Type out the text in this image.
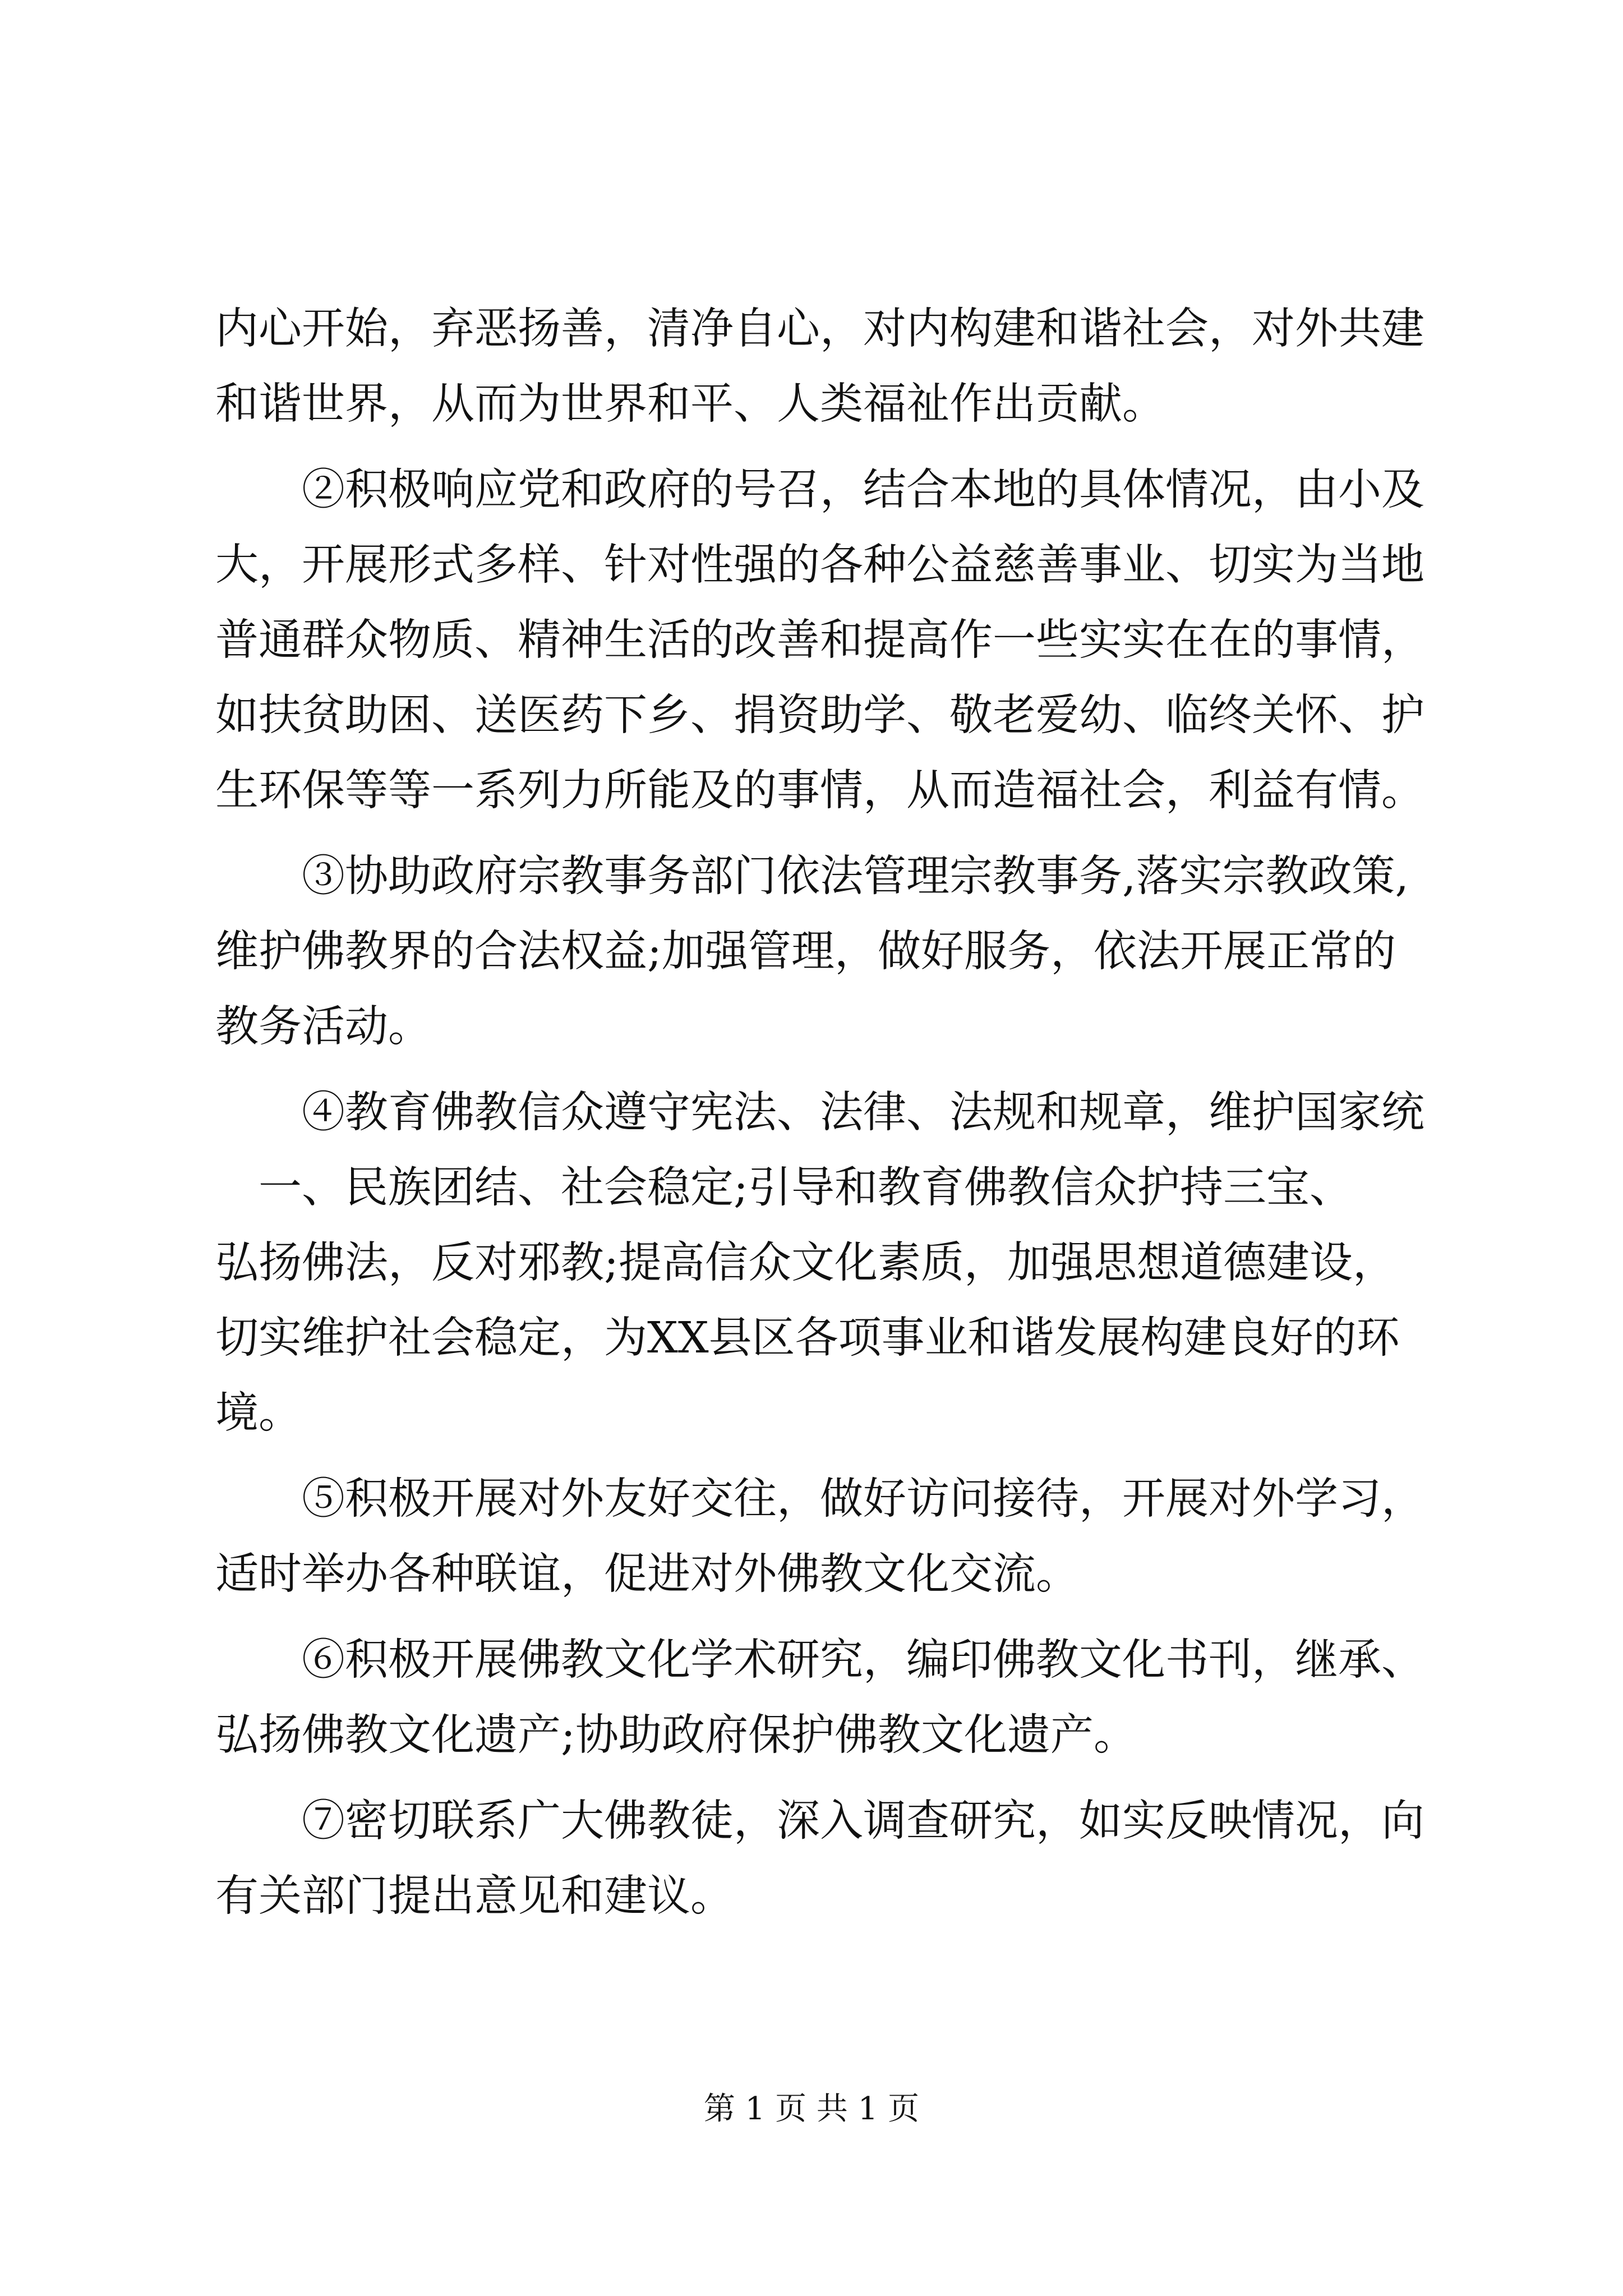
内心开始，弃恶扬善，清净自心，对内构建和谐社会，对外共建
和谐世界，从而为世界和平、人类福祉作出贡献。
　　②积极响应党和政府的号召，结合本地的具体情况，由小及
大，开展形式多样、针对性强的各种公益慈善事业、切实为当地
普通群众物质、精神生活的改善和提高作一些实实在在的事情，
如扶贫助困、送医药下乡、捐资助学、敬老爱幼、临终关怀、护
生环保等等一系列力所能及的事情，从而造福社会，利益有情。
　　③协助政府宗教事务部门依法管理宗教事务,落实宗教政策,
维护佛教界的合法权益;加强管理，做好服务，依法开展正常的
教务活动。
　　④教育佛教信众遵守宪法、法律、法规和规章，维护国家统
　一、民族团结、社会稳定;引导和教育佛教信众护持三宝、
弘扬佛法，反对邪教;提高信众文化素质，加强思想道德建设，
切实维护社会稳定，为XX县区各项事业和谐发展构建良好的环
境。
　　⑤积极开展对外友好交往，做好访问接待，开展对外学习，
适时举办各种联谊，促进对外佛教文化交流。
　　⑥积极开展佛教文化学术研究，编印佛教文化书刊，继承、
弘扬佛教文化遗产;协助政府保护佛教文化遗产。
　　⑦密切联系广大佛教徒，深入调查研究，如实反映情况，向
有关部门提出意见和建议。
第 1 页 共 1 页
